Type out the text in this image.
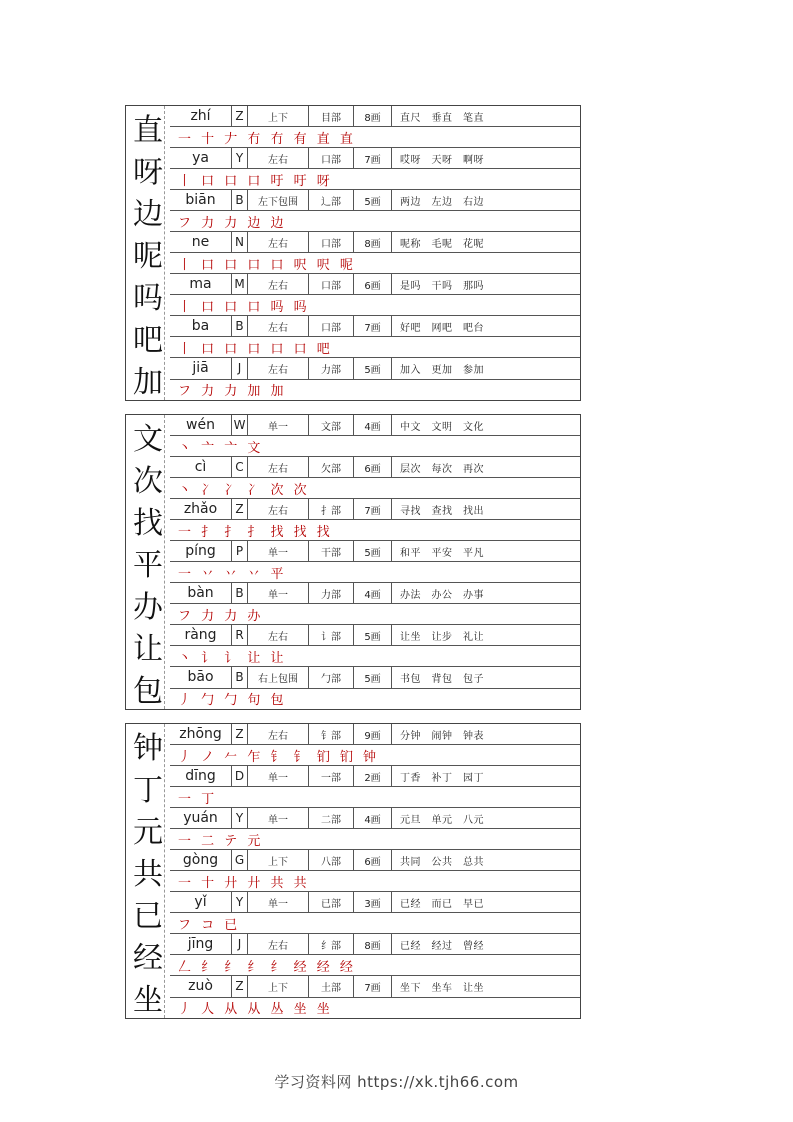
直	zhí	Z	上下	目部	8画	直尺　垂直　笔直
一 十 𠂇 冇 冇 有 直 直
呀	ya	Y	左右	口部	7画	哎呀　天呀　啊呀
丨 口 口 口 吁 吁 呀
边	biān	B	左下包围	辶部	5画	两边　左边　右边
フ 力 力 边 边
呢	ne	N	左右	口部	8画	呢称　毛呢　花呢
丨 口 口 口 口 呎 呎 呢
吗	ma	M	左右	口部	6画	是吗　干吗　那吗
丨 口 口 口 吗 吗
吧	ba	B	左右	口部	7画	好吧　网吧　吧台
丨 口 口 口 口 口 吧
加	jiā	J	左右	力部	5画	加入　更加　参加
フ 力 力 加 加
文	wén	W	单一	文部	4画	中文　文明　文化
丶 亠 亠 文
次	cì	C	左右	欠部	6画	层次　每次　再次
丶 冫 冫 冫 次 次
找	zhǎo	Z	左右	扌部	7画	寻找　查找　找出
一 扌 扌 扌 找 找 找
平	píng	P	单一	干部	5画	和平　平安　平凡
一 丷 丷 丷 平
办	bàn	B	单一	力部	4画	办法　办公　办事
フ 力 力 办
让	ràng	R	左右	讠部	5画	让坐　让步　礼让
丶 讠 讠 让 让
包	bāo	B	右上包围	勹部	5画	书包　背包　包子
丿 勹 勹 句 包
钟	zhōng	Z	左右	钅部	9画	分钟　闹钟　钟表
丿 ノ 𠂉 乍 钅 钅 钔 钔 钟
丁	dīng	D	单一	一部	2画	丁香　补丁　园丁
一 丁
元	yuán	Y	单一	二部	4画	元旦　单元　八元
一 二 テ 元
共	gòng	G	上下	八部	6画	共同　公共　总共
一 十 廾 廾 共 共
已	yǐ	Y	单一	已部	3画	已经　而已　早已
フ コ 已
经	jīng	J	左右	纟部	8画	已经　经过　曾经
𠃋 纟 纟 纟 纟 经 经 经
坐	zuò	Z	上下	土部	7画	坐下　坐车　让坐
丿 人 从 从 丛 坐 坐
学习资料网 https://xk.tjh66.com
